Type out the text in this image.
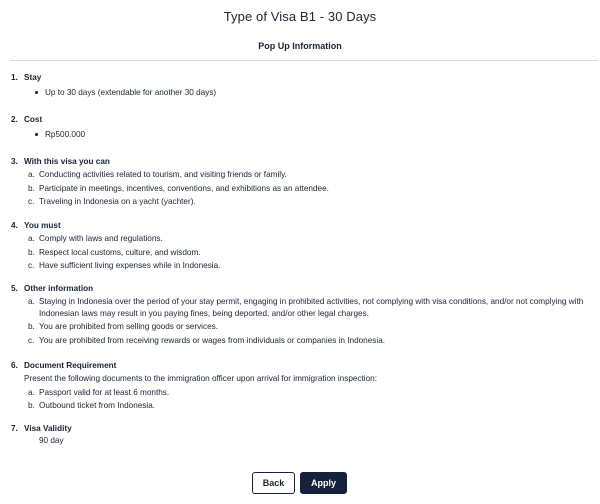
Type of Visa B1 - 30 Days
Pop Up Information
1. Stay
Up to 30 days (extendable for another 30 days)
2. Cost
Rp500.000
3. With this visa you can
a. Conducting activities related to tourism, and visiting friends or family.
b. Participate in meetings, incentives, conventions, and exhibitions as an attendee.
c. Traveling in Indonesia on a yacht (yachter).
4. You must
a. Comply with laws and regulations.
b. Respect local customs, culture, and wisdom.
c. Have sufficient living expenses while in Indonesia.
5. Other information
a. Staying in Indonesia over the period of your stay permit, engaging in prohibited activities, not complying with visa conditions, and/or not complying with Indonesian laws may result in you paying fines, being deported, and/or other legal charges.
b. You are prohibited from selling goods or services.
c. You are prohibited from receiving rewards or wages from individuals or companies in Indonesia.
6. Document Requirement
Present the following documents to the immigration officer upon arrival for immigration inspection:
a. Passport valid for at least 6 months.
b. Outbound ticket from Indonesia.
7. Visa Validity
90 day
Back	Apply
